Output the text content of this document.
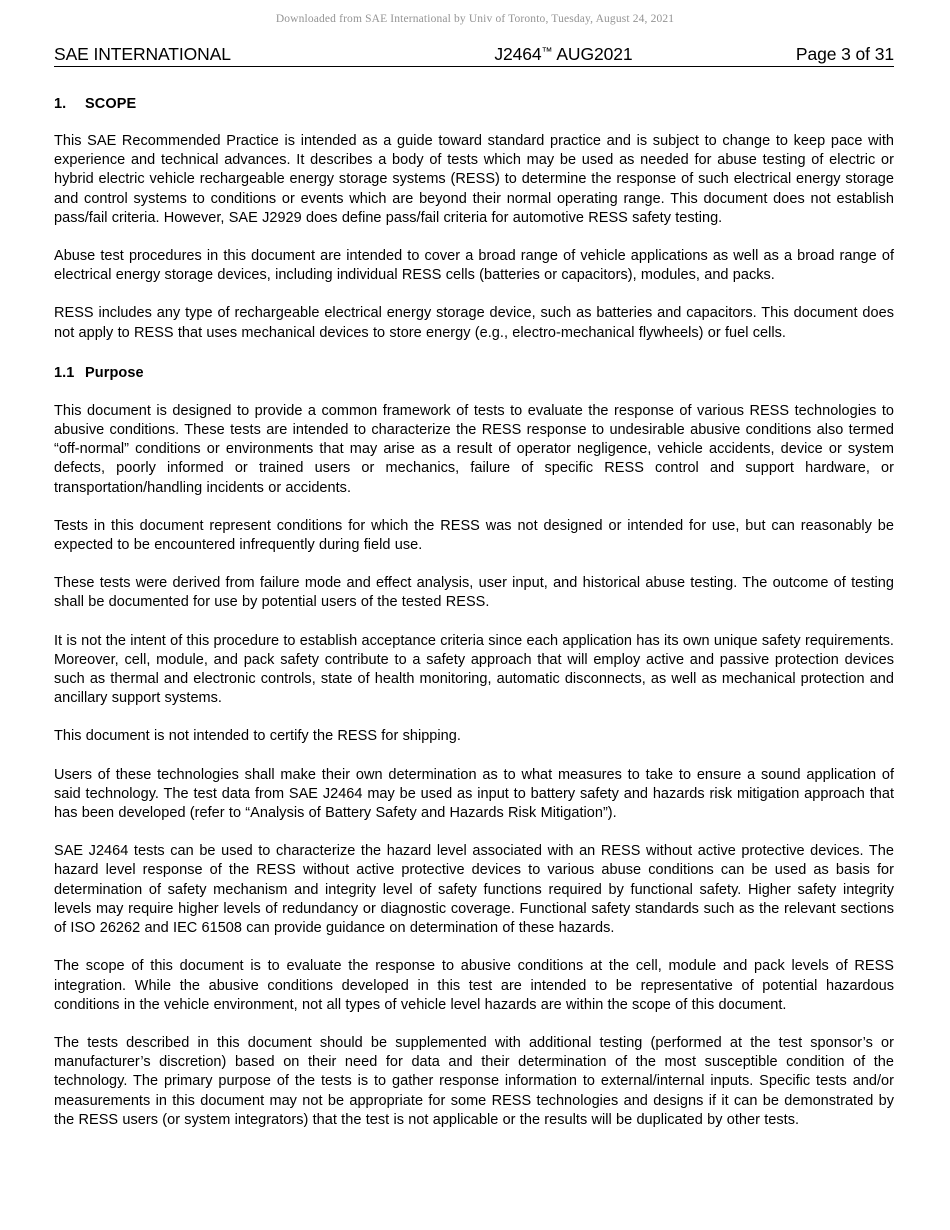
Downloaded from SAE International by Univ of Toronto, Tuesday, August 24, 2021
SAE INTERNATIONAL	J2464™ AUG2021	Page 3 of 31
1. SCOPE

This SAE Recommended Practice is intended as a guide toward standard practice and is subject to change to keep pace with experience and technical advances. It describes a body of tests which may be used as needed for abuse testing of electric or hybrid electric vehicle rechargeable energy storage systems (RESS) to determine the response of such electrical energy storage and control systems to conditions or events which are beyond their normal operating range. This document does not establish pass/fail criteria. However, SAE J2929 does define pass/fail criteria for automotive RESS safety testing.

Abuse test procedures in this document are intended to cover a broad range of vehicle applications as well as a broad range of electrical energy storage devices, including individual RESS cells (batteries or capacitors), modules, and packs.

RESS includes any type of rechargeable electrical energy storage device, such as batteries and capacitors. This document does not apply to RESS that uses mechanical devices to store energy (e.g., electro-mechanical flywheels) or fuel cells.

1.1 Purpose

This document is designed to provide a common framework of tests to evaluate the response of various RESS technologies to abusive conditions. These tests are intended to characterize the RESS response to undesirable abusive conditions also termed “off-normal” conditions or environments that may arise as a result of operator negligence, vehicle accidents, device or system defects, poorly informed or trained users or mechanics, failure of specific RESS control and support hardware, or transportation/handling incidents or accidents.

Tests in this document represent conditions for which the RESS was not designed or intended for use, but can reasonably be expected to be encountered infrequently during field use.

These tests were derived from failure mode and effect analysis, user input, and historical abuse testing. The outcome of testing shall be documented for use by potential users of the tested RESS.

It is not the intent of this procedure to establish acceptance criteria since each application has its own unique safety requirements. Moreover, cell, module, and pack safety contribute to a safety approach that will employ active and passive protection devices such as thermal and electronic controls, state of health monitoring, automatic disconnects, as well as mechanical protection and ancillary support systems.

This document is not intended to certify the RESS for shipping.

Users of these technologies shall make their own determination as to what measures to take to ensure a sound application of said technology. The test data from SAE J2464 may be used as input to battery safety and hazards risk mitigation approach that has been developed (refer to “Analysis of Battery Safety and Hazards Risk Mitigation”).

SAE J2464 tests can be used to characterize the hazard level associated with an RESS without active protective devices. The hazard level response of the RESS without active protective devices to various abuse conditions can be used as basis for determination of safety mechanism and integrity level of safety functions required by functional safety. Higher safety integrity levels may require higher levels of redundancy or diagnostic coverage. Functional safety standards such as the relevant sections of ISO 26262 and IEC 61508 can provide guidance on determination of these hazards.

The scope of this document is to evaluate the response to abusive conditions at the cell, module and pack levels of RESS integration. While the abusive conditions developed in this test are intended to be representative of potential hazardous conditions in the vehicle environment, not all types of vehicle level hazards are within the scope of this document.

The tests described in this document should be supplemented with additional testing (performed at the test sponsor’s or manufacturer’s discretion) based on their need for data and their determination of the most susceptible condition of the technology. The primary purpose of the tests is to gather response information to external/internal inputs. Specific tests and/or measurements in this document may not be appropriate for some RESS technologies and designs if it can be demonstrated by the RESS users (or system integrators) that the test is not applicable or the results will be duplicated by other tests.
